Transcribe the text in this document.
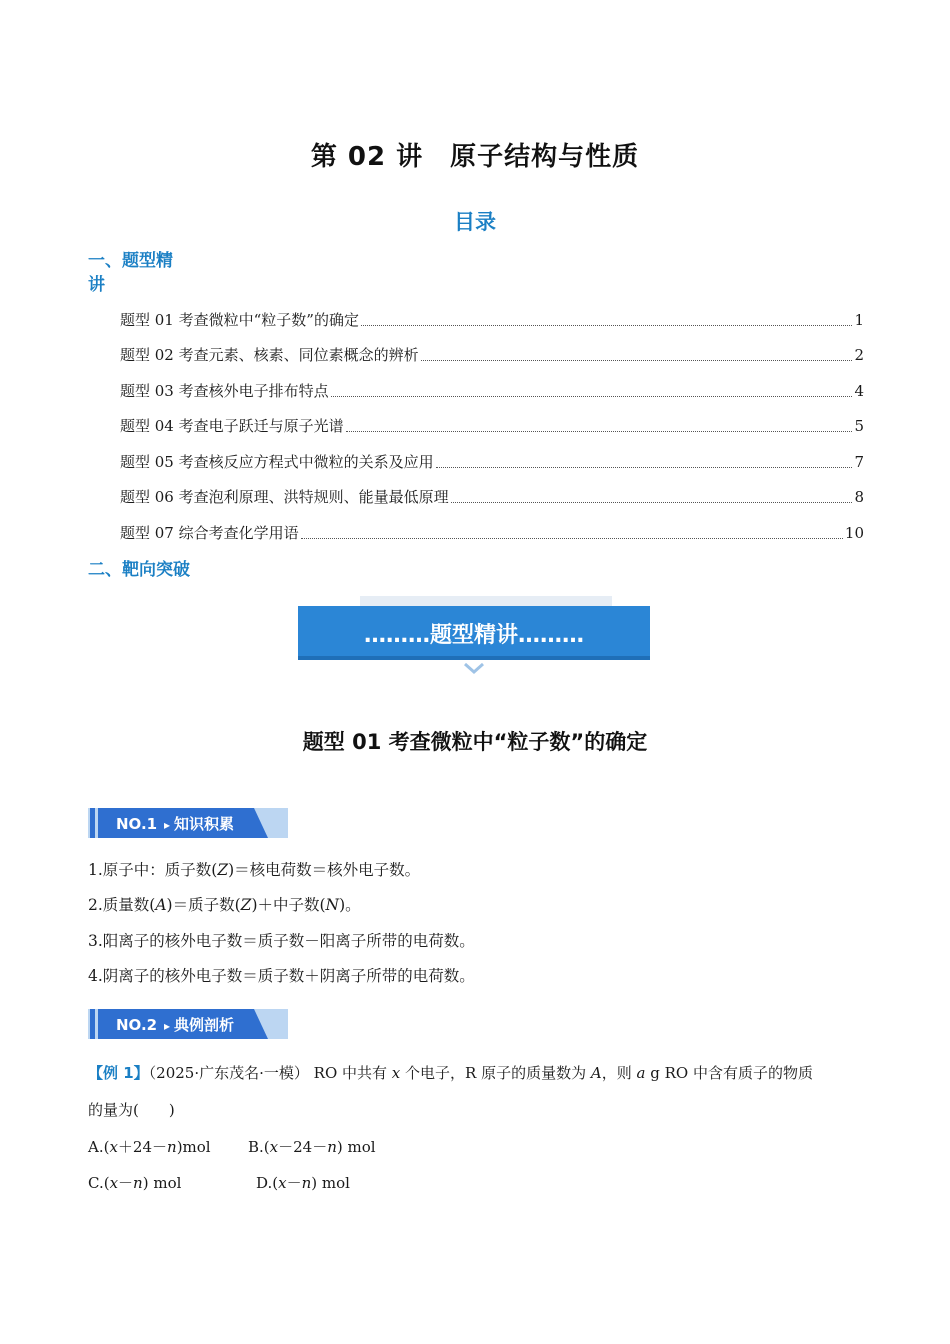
第 02 讲　原子结构与性质
目录
一、题型精
讲
题型 01 考查微粒中“粒子数”的确定	1
题型 02 考查元素、核素、同位素概念的辨析	2
题型 03 考查核外电子排布特点	4
题型 04 考查电子跃迁与原子光谱	5
题型 05 考查核反应方程式中微粒的关系及应用	7
题型 06 考查泡利原理、洪特规则、能量最低原理	8
题型 07 综合考查化学用语	10
二、靶向突破
………题型精讲………
题型 01 考查微粒中“粒子数”的确定
NO.1 ▸ 知识积累
1.原子中：质子数(Z)＝核电荷数＝核外电子数。
2.质量数(A)＝质子数(Z)＋中子数(N)。
3.阳离子的核外电子数＝质子数－阳离子所带的电荷数。
4.阴离子的核外电子数＝质子数＋阴离子所带的电荷数。
NO.2 ▸ 典例剖析
【例 1】（2025·广东茂名·一模） RO 中共有 x 个电子，R 原子的质量数为 A，则 a g RO 中含有质子的物质
的量为(　　)
A.(x＋24－n)mol B.(x－24－n) mol
C.(x－n) mol	D.(x－n) mol
